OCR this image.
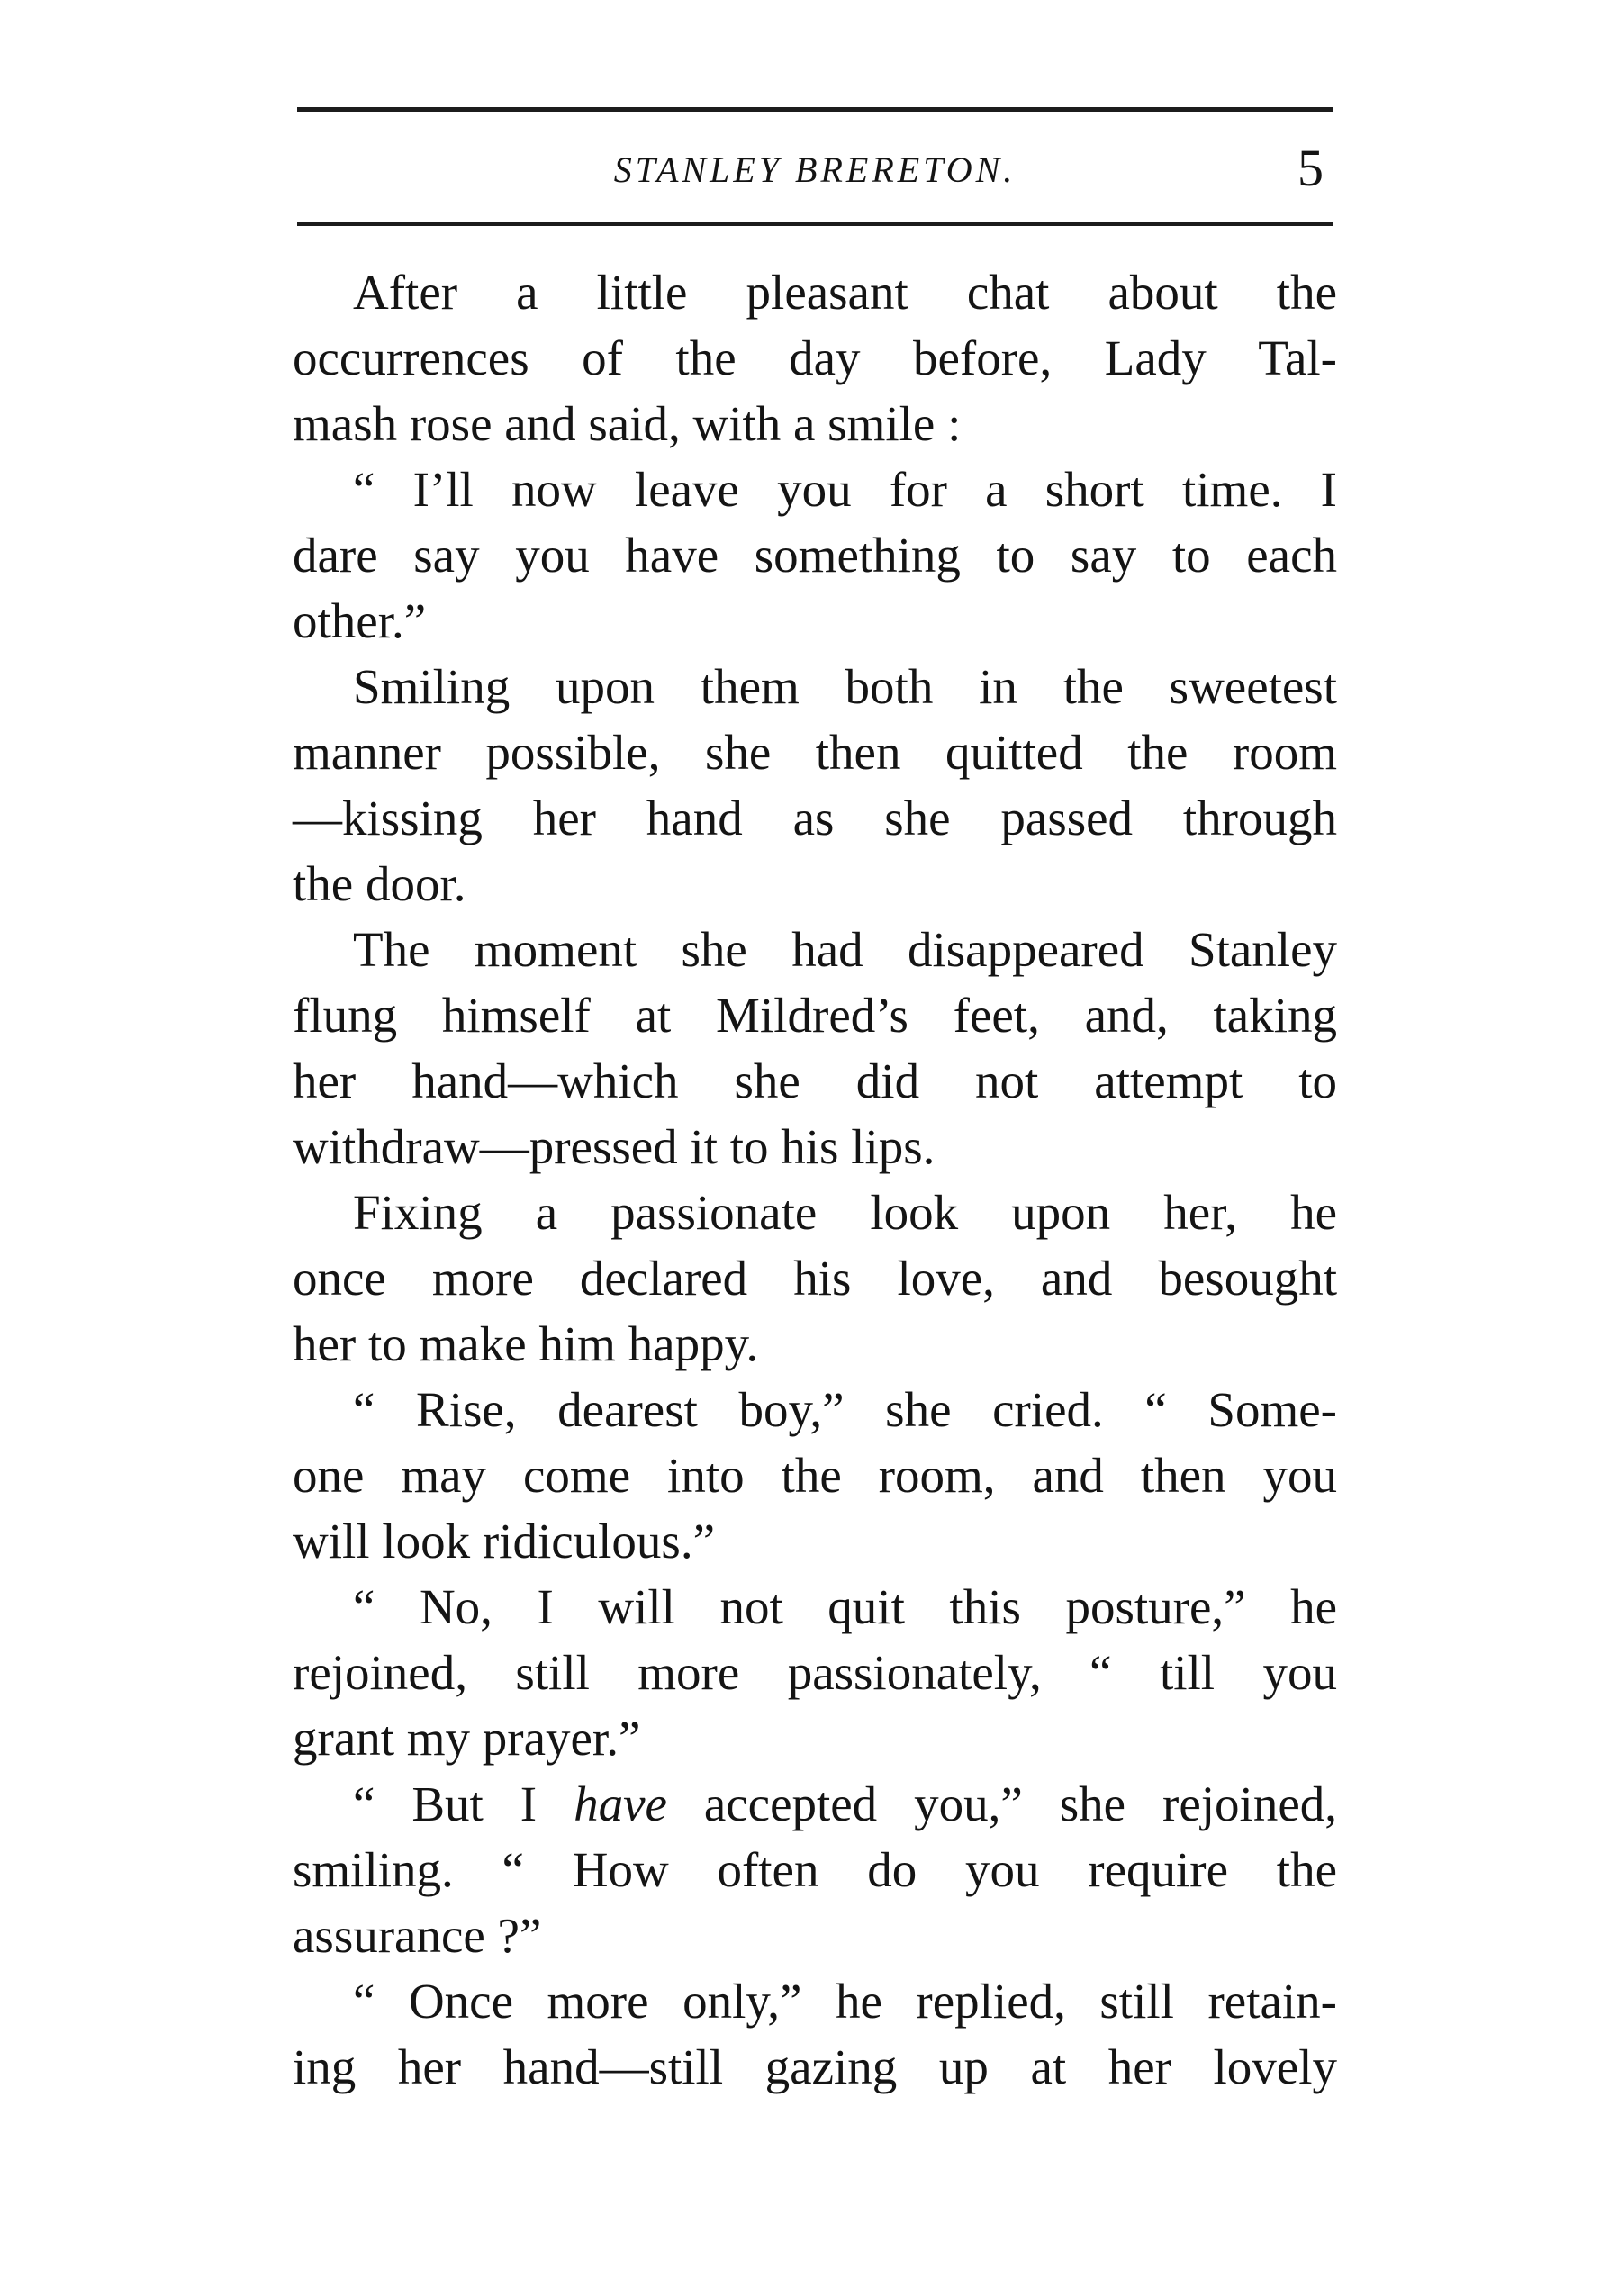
STANLEY BRERETON.	5

After a little pleasant chat about the
occurrences of the day before, Lady Tal-
mash rose and said, with a smile :

“ I’ll now leave you for a short time. I
dare say you have something to say to each
other.”

Smiling upon them both in the sweetest
manner possible, she then quitted the room
—kissing her hand as she passed through
the door.

The moment she had disappeared Stanley
flung himself at Mildred’s feet, and, taking
her hand—which she did not attempt to
withdraw—pressed it to his lips.

Fixing a passionate look upon her, he
once more declared his love, and besought
her to make him happy.

“ Rise, dearest boy,” she cried. “ Some-
one may come into the room, and then you
will look ridiculous.”

“ No, I will not quit this posture,” he
rejoined, still more passionately, “ till you
grant my prayer.”

“ But I have accepted you,” she rejoined,
smiling. “ How often do you require the
assurance ?”

“ Once more only,” he replied, still retain-
ing her hand—still gazing up at her lovely
